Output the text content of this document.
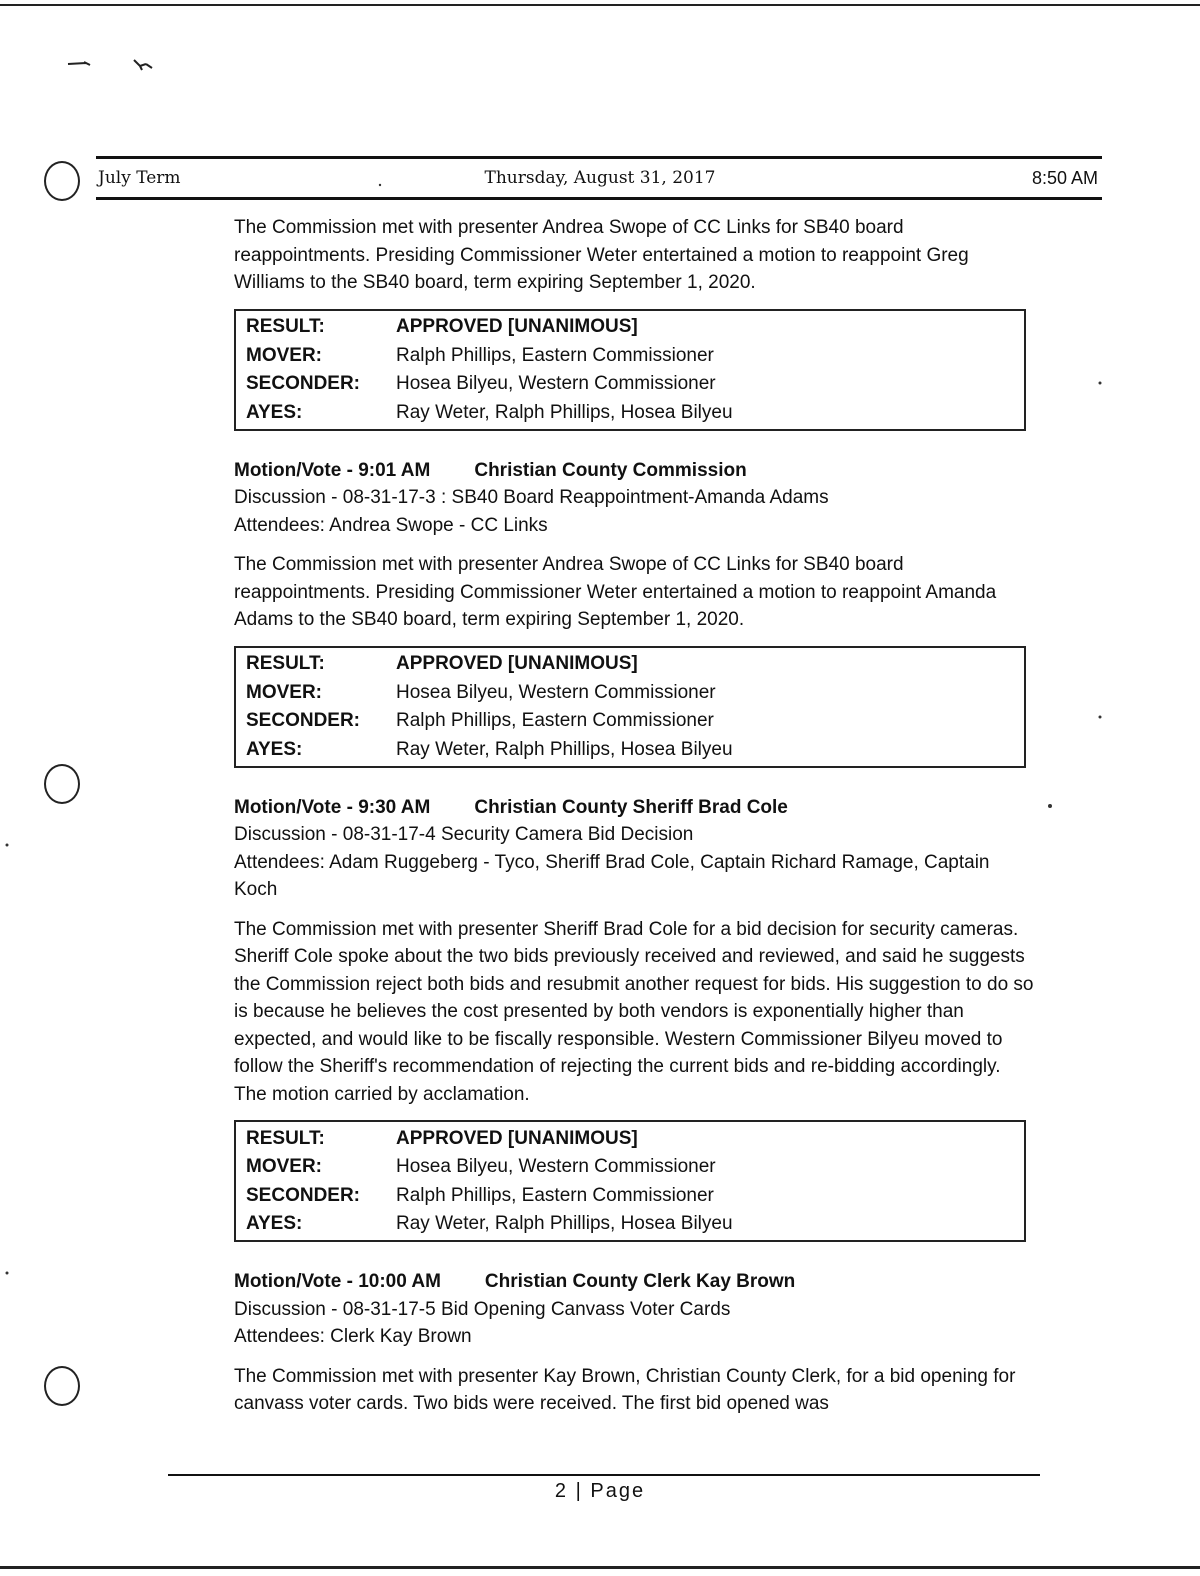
July Term	Thursday, August 31, 2017	8:50 AM

The Commission met with presenter Andrea Swope of CC Links for SB40 board reappointments. Presiding Commissioner Weter entertained a motion to reappoint Greg Williams to the SB40 board, term expiring September 1, 2020.

RESULT:	APPROVED [UNANIMOUS]
MOVER:	Ralph Phillips, Eastern Commissioner
SECONDER:	Hosea Bilyeu, Western Commissioner
AYES:	Ray Weter, Ralph Phillips, Hosea Bilyeu
Motion/Vote - 9:01 AM Christian County Commission
Discussion - 08-31-17-3 : SB40 Board Reappointment-Amanda Adams
Attendees: Andrea Swope - CC Links

The Commission met with presenter Andrea Swope of CC Links for SB40 board reappointments. Presiding Commissioner Weter entertained a motion to reappoint Amanda Adams to the SB40 board, term expiring September 1, 2020.

RESULT:	APPROVED [UNANIMOUS]
MOVER:	Hosea Bilyeu, Western Commissioner
SECONDER:	Ralph Phillips, Eastern Commissioner
AYES:	Ray Weter, Ralph Phillips, Hosea Bilyeu
Motion/Vote - 9:30 AM Christian County Sheriff Brad Cole
Discussion - 08-31-17-4 Security Camera Bid Decision
Attendees: Adam Ruggeberg - Tyco, Sheriff Brad Cole, Captain Richard Ramage, Captain Koch

The Commission met with presenter Sheriff Brad Cole for a bid decision for security cameras. Sheriff Cole spoke about the two bids previously received and reviewed, and said he suggests the Commission reject both bids and resubmit another request for bids. His suggestion to do so is because he believes the cost presented by both vendors is exponentially higher than expected, and would like to be fiscally responsible. Western Commissioner Bilyeu moved to follow the Sheriff's recommendation of rejecting the current bids and re-bidding accordingly. The motion carried by acclamation.

RESULT:	APPROVED [UNANIMOUS]
MOVER:	Hosea Bilyeu, Western Commissioner
SECONDER:	Ralph Phillips, Eastern Commissioner
AYES:	Ray Weter, Ralph Phillips, Hosea Bilyeu
Motion/Vote - 10:00 AM Christian County Clerk Kay Brown
Discussion - 08-31-17-5 Bid Opening Canvass Voter Cards
Attendees: Clerk Kay Brown

The Commission met with presenter Kay Brown, Christian County Clerk, for a bid opening for canvass voter cards. Two bids were received. The first bid opened was

2 | Page
